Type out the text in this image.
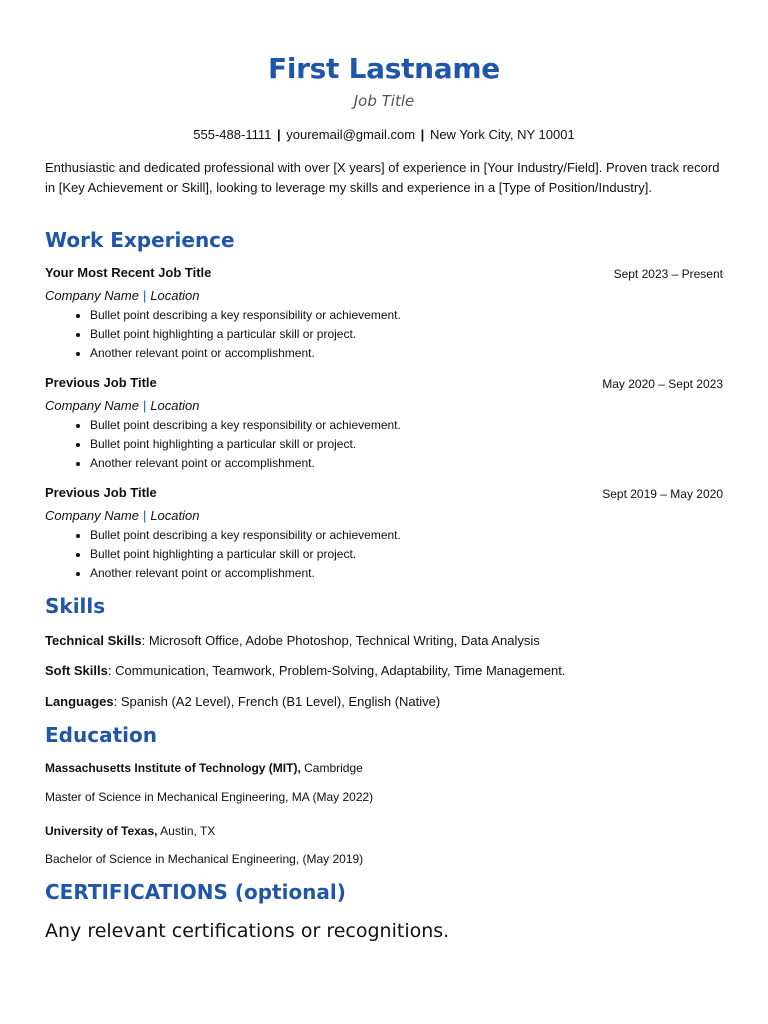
First Lastname
Job Title
555-488-1111 | youremail@gmail.com | New York City, NY 10001
Enthusiastic and dedicated professional with over [X years] of experience in [Your Industry/Field]. Proven track record in [Key Achievement or Skill], looking to leverage my skills and experience in a [Type of Position/Industry].
Work Experience
Your Most Recent Job Title	Sept 2023 – Present
Company Name | Location
• Bullet point describing a key responsibility or achievement.
• Bullet point highlighting a particular skill or project.
• Another relevant point or accomplishment.
Previous Job Title	May 2020 – Sept 2023
Company Name | Location
• Bullet point describing a key responsibility or achievement.
• Bullet point highlighting a particular skill or project.
• Another relevant point or accomplishment.
Previous Job Title	Sept 2019 – May 2020
Company Name | Location
• Bullet point describing a key responsibility or achievement.
• Bullet point highlighting a particular skill or project.
• Another relevant point or accomplishment.
Skills
Technical Skills: Microsoft Office, Adobe Photoshop, Technical Writing, Data Analysis
Soft Skills: Communication, Teamwork, Problem-Solving, Adaptability, Time Management.
Languages: Spanish (A2 Level), French (B1 Level), English (Native)
Education
Massachusetts Institute of Technology (MIT), Cambridge
Master of Science in Mechanical Engineering, MA (May 2022)
University of Texas, Austin, TX
Bachelor of Science in Mechanical Engineering, (May 2019)
CERTIFICATIONS (optional)
Any relevant certifications or recognitions.
